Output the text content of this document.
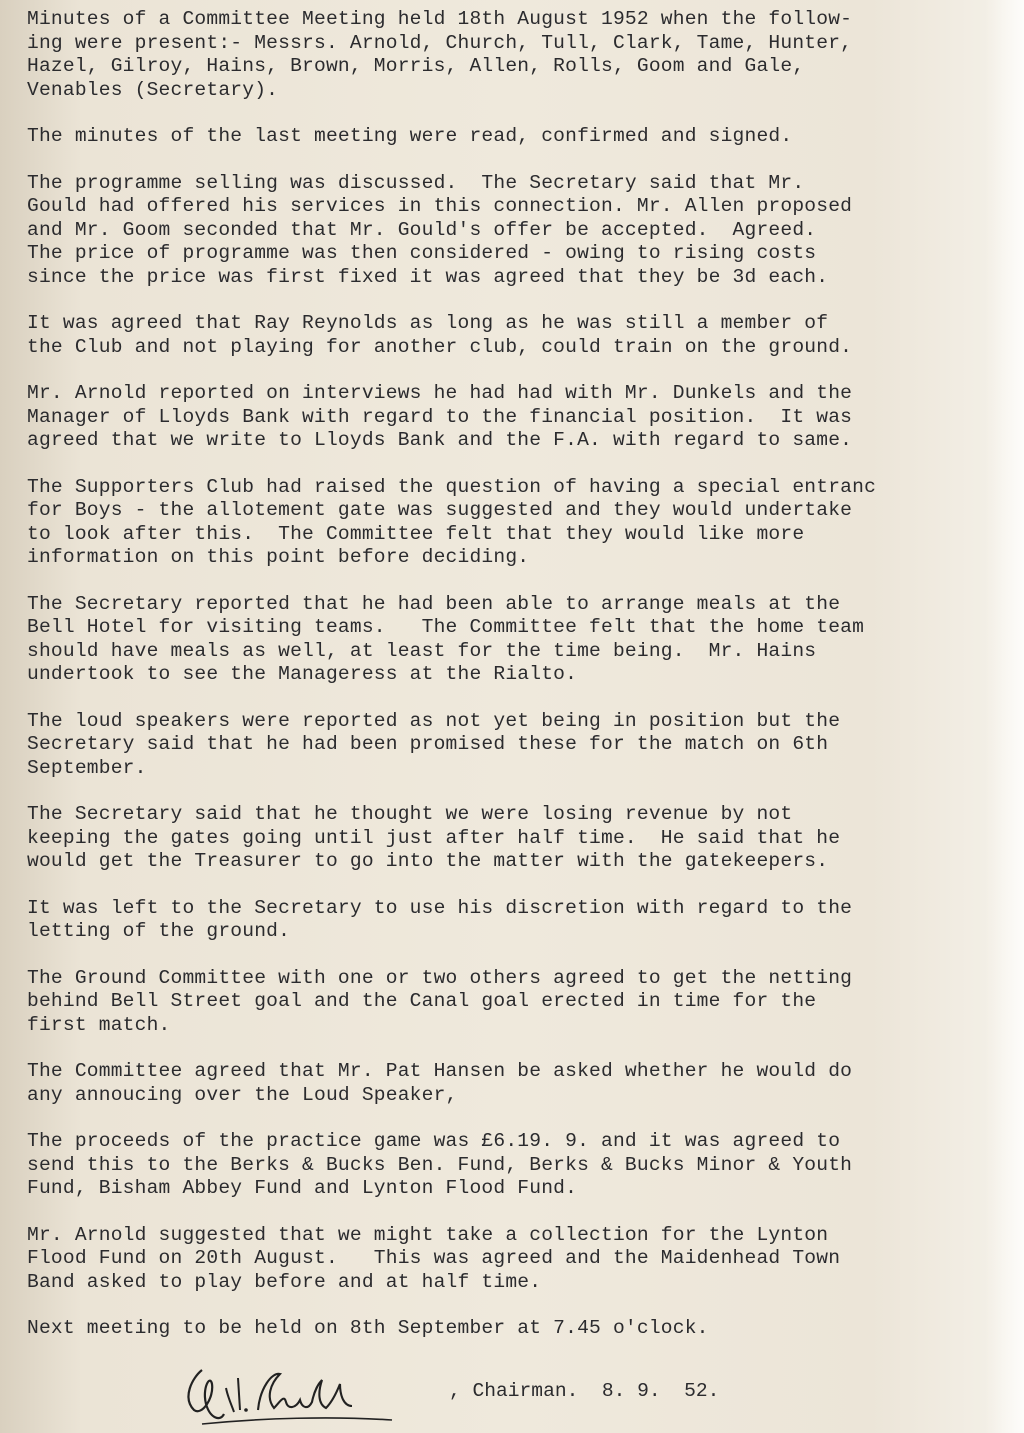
Minutes of a Committee Meeting held 18th August 1952 when the follow-
ing were present:- Messrs. Arnold, Church, Tull, Clark, Tame, Hunter,
Hazel, Gilroy, Hains, Brown, Morris, Allen, Rolls, Goom and Gale,
Venables (Secretary).
The minutes of the last meeting were read, confirmed and signed.
The programme selling was discussed.  The Secretary said that Mr.
Gould had offered his services in this connection. Mr. Allen proposed
and Mr. Goom seconded that Mr. Gould's offer be accepted.  Agreed.
The price of programme was then considered - owing to rising costs
since the price was first fixed it was agreed that they be 3d each.
It was agreed that Ray Reynolds as long as he was still a member of
the Club and not playing for another club, could train on the ground.
Mr. Arnold reported on interviews he had had with Mr. Dunkels and the
Manager of Lloyds Bank with regard to the financial position.  It was
agreed that we write to Lloyds Bank and the F.A. with regard to same.
The Supporters Club had raised the question of having a special entranc
for Boys - the allotement gate was suggested and they would undertake
to look after this.  The Committee felt that they would like more
information on this point before deciding.
The Secretary reported that he had been able to arrange meals at the
Bell Hotel for visiting teams.   The Committee felt that the home team
should have meals as well, at least for the time being.  Mr. Hains
undertook to see the Manageress at the Rialto.
The loud speakers were reported as not yet being in position but the
Secretary said that he had been promised these for the match on 6th
September.
The Secretary said that he thought we were losing revenue by not
keeping the gates going until just after half time.  He said that he
would get the Treasurer to go into the matter with the gatekeepers.
It was left to the Secretary to use his discretion with regard to the
letting of the ground.
The Ground Committee with one or two others agreed to get the netting
behind Bell Street goal and the Canal goal erected in time for the
first match.
The Committee agreed that Mr. Pat Hansen be asked whether he would do
any annoucing over the Loud Speaker,
The proceeds of the practice game was £6.19. 9. and it was agreed to
send this to the Berks & Bucks Ben. Fund, Berks & Bucks Minor & Youth
Fund, Bisham Abbey Fund and Lynton Flood Fund.
Mr. Arnold suggested that we might take a collection for the Lynton
Flood Fund on 20th August.   This was agreed and the Maidenhead Town
Band asked to play before and at half time.
Next meeting to be held on 8th September at 7.45 o'clock.
, Chairman.  8. 9.  52.
